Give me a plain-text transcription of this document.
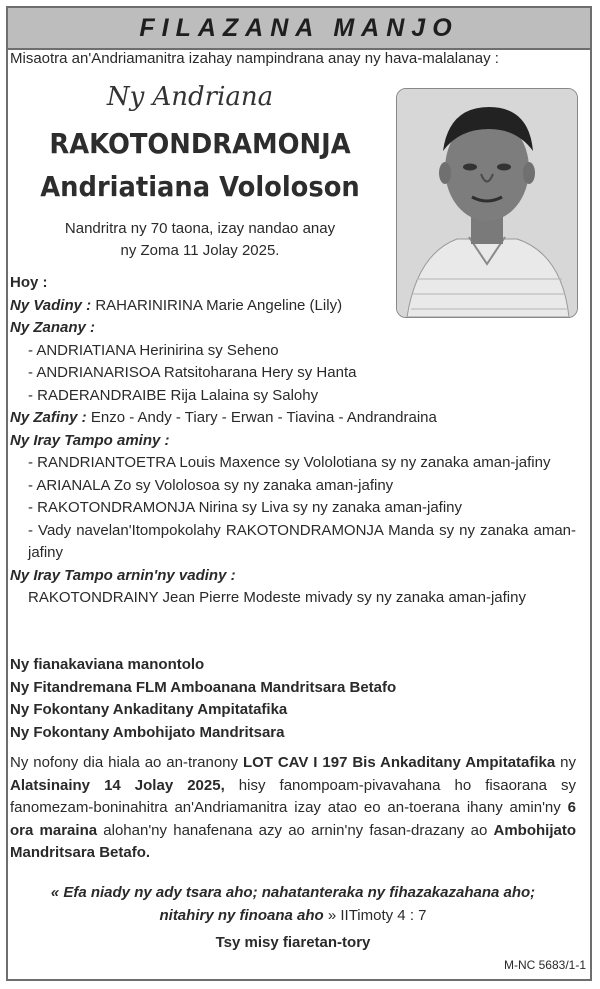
FILAZANA MANJO
Misaotra an'Andriamanitra izahay nampindrana anay ny hava-malalanay :
Ny Andriana
RAKOTONDRAMONJA
Andriatiana Vololoson
Nandritra ny 70 taona, izay nandao anay
ny Zoma 11 Jolay 2025.
Hoy :
Ny Vadiny : RAHARINIRINA Marie Angeline (Lily)
Ny Zanany :
- ANDRIATIANA Herinirina sy Seheno
- ANDRIANARISOA Ratsitoharana Hery sy Hanta
- RADERANDRAIBE Rija Lalaina sy Salohy
Ny Zafiny : Enzo - Andy - Tiary - Erwan - Tiavina - Andrandraina
Ny Iray Tampo aminy :
- RANDRIANTOETRA Louis Maxence sy Vololotiana sy ny zanaka aman-jafiny
- ARIANALA Zo sy Vololosoa sy ny zanaka aman-jafiny
- RAKOTONDRAMONJA Nirina sy Liva sy ny zanaka aman-jafiny
- Vady navelan'Itompokolahy RAKOTONDRAMONJA Manda sy ny zanaka aman-jafiny
Ny Iray Tampo arnin'ny vadiny :
RAKOTONDRAINY Jean Pierre Modeste mivady sy ny zanaka aman-jafiny
Ny fianakaviana manontolo
Ny Fitandremana FLM Amboanana Mandritsara Betafo
Ny Fokontany Ankaditany Ampitatafika
Ny Fokontany Ambohijato Mandritsara
Ny nofony dia hiala ao an-tranony LOT CAV I 197 Bis Ankaditany Ampitatafika ny Alatsinainy 14 Jolay 2025, hisy fanompoam-pivavahana ho fisaorana sy fanomezam-boninahitra an'Andriamanitra izay atao eo an-toerana ihany amin'ny 6 ora maraina alohan'ny hanafenana azy ao arnin'ny fasan-drazany ao Ambohijato Mandritsara Betafo.
« Efa niady ny ady tsara aho; nahatanteraka ny fihazakazahana aho;
nitahiry ny finoana aho » IITimoty 4 : 7
Tsy misy fiaretan-tory
M-NC 5683/1-1
